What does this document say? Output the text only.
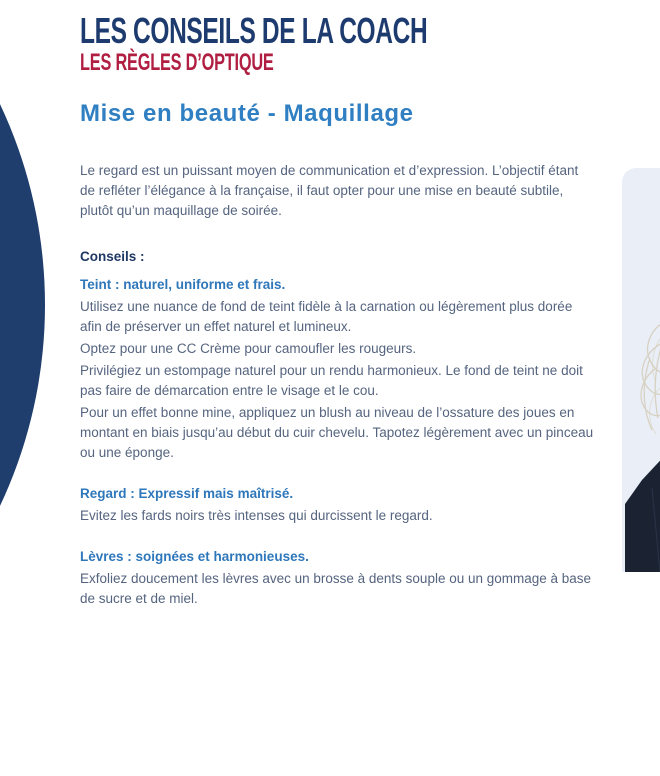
LES CONSEILS DE LA COACH
LES RÈGLES D’OPTIQUE
Mise en beauté - Maquillage

Le regard est un puissant moyen de communication et d’expression. L’objectif étant de refléter l’élégance à la française, il faut opter pour une mise en beauté subtile, plutôt qu’un maquillage de soirée.

Conseils :

Teint : naturel, uniforme et frais.

Utilisez une nuance de fond de teint fidèle à la carnation ou légèrement plus dorée afin de préserver un effet naturel et lumineux.

Optez pour une CC Crème pour camoufler les rougeurs.

Privilégiez un estompage naturel pour un rendu harmonieux. Le fond de teint ne doit pas faire de démarcation entre le visage et le cou.

Pour un effet bonne mine, appliquez un blush au niveau de l’ossature des joues en montant en biais jusqu’au début du cuir chevelu. Tapotez légèrement avec un pinceau ou une éponge.

Regard : Expressif mais maîtrisé.

Evitez les fards noirs très intenses qui durcissent le regard.

Lèvres : soignées et harmonieuses.

Exfoliez doucement les lèvres avec un brosse à dents souple ou un gommage à base de sucre et de miel.
